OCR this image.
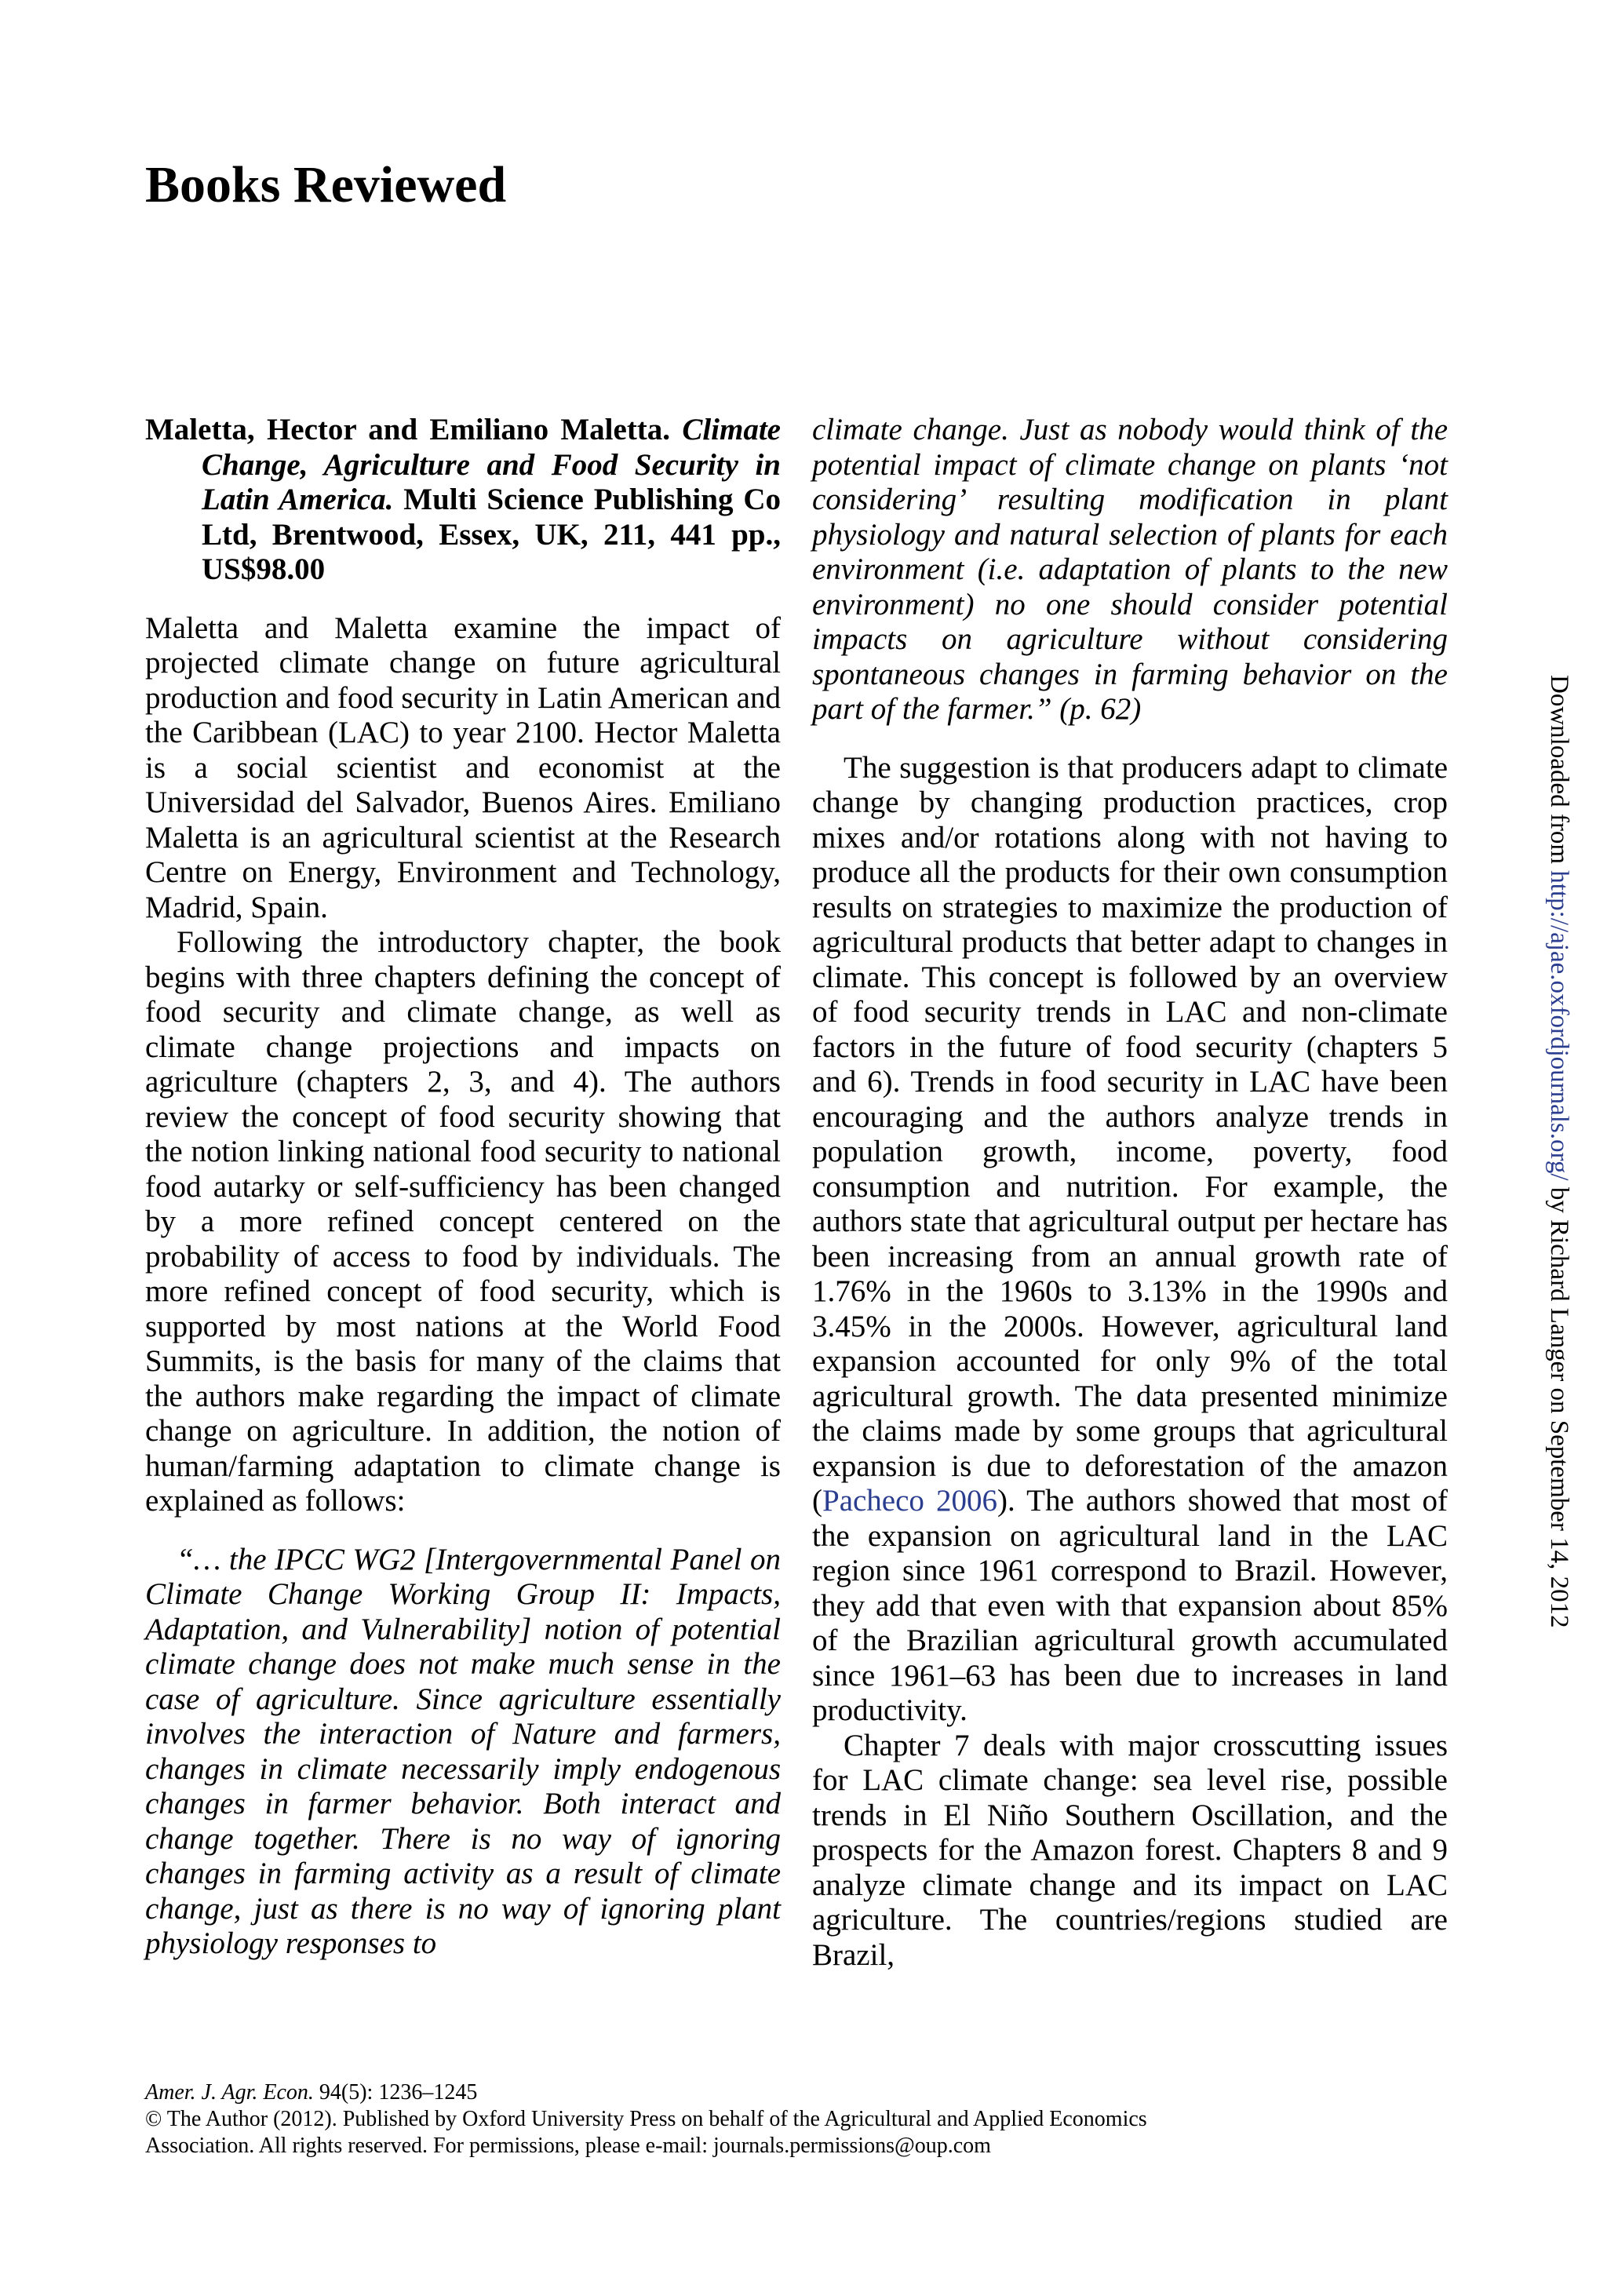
Books Reviewed

Maletta, Hector and Emiliano Maletta. Climate Change, Agriculture and Food Security in Latin America. Multi Science Publishing Co Ltd, Brentwood, Essex, UK, 211, 441 pp., US$98.00

Maletta and Maletta examine the impact of projected climate change on future agricultural production and food security in Latin American and the Caribbean (LAC) to year 2100. Hector Maletta is a social scientist and economist at the Universidad del Salvador, Buenos Aires. Emiliano Maletta is an agricultural scientist at the Research Centre on Energy, Environment and Technology, Madrid, Spain.

Following the introductory chapter, the book begins with three chapters defining the concept of food security and climate change, as well as climate change projections and impacts on agriculture (chapters 2, 3, and 4). The authors review the concept of food security showing that the notion linking national food security to national food autarky or self-sufficiency has been changed by a more refined concept centered on the probability of access to food by individuals. The more refined concept of food security, which is supported by most nations at the World Food Summits, is the basis for many of the claims that the authors make regarding the impact of climate change on agriculture. In addition, the notion of human/farming adaptation to climate change is explained as follows:

“… the IPCC WG2 [Intergovernmental Panel on Climate Change Working Group II: Impacts, Adaptation, and Vulnerability] notion of potential climate change does not make much sense in the case of agriculture. Since agriculture essentially involves the interaction of Nature and farmers, changes in climate necessarily imply endogenous changes in farmer behavior. Both interact and change together. There is no way of ignoring changes in farming activity as a result of climate change, just as there is no way of ignoring plant physiology responses to

climate change. Just as nobody would think of the potential impact of climate change on plants ‘not considering’ resulting modification in plant physiology and natural selection of plants for each environment (i.e. adaptation of plants to the new environment) no one should consider potential impacts on agriculture without considering spontaneous changes in farming behavior on the part of the farmer.” (p. 62)

The suggestion is that producers adapt to climate change by changing production practices, crop mixes and/or rotations along with not having to produce all the products for their own consumption results on strategies to maximize the production of agricultural products that better adapt to changes in climate. This concept is followed by an overview of food security trends in LAC and non-climate factors in the future of food security (chapters 5 and 6). Trends in food security in LAC have been encouraging and the authors analyze trends in population growth, income, poverty, food consumption and nutrition. For example, the authors state that agricultural output per hectare has been increasing from an annual growth rate of 1.76% in the 1960s to 3.13% in the 1990s and 3.45% in the 2000s. However, agricultural land expansion accounted for only 9% of the total agricultural growth. The data presented minimize the claims made by some groups that agricultural expansion is due to deforestation of the amazon (Pacheco 2006). The authors showed that most of the expansion on agricultural land in the LAC region since 1961 correspond to Brazil. However, they add that even with that expansion about 85% of the Brazilian agricultural growth accumulated since 1961–63 has been due to increases in land productivity.

Chapter 7 deals with major crosscutting issues for LAC climate change: sea level rise, possible trends in El Niño Southern Oscillation, and the prospects for the Amazon forest. Chapters 8 and 9 analyze climate change and its impact on LAC agriculture. The countries/regions studied are Brazil,

Downloaded from http://ajae.oxfordjournals.org/ by Richard Langer on September 14, 2012
Amer. J. Agr. Econ. 94(5): 1236–1245
© The Author (2012). Published by Oxford University Press on behalf of the Agricultural and Applied Economics
Association. All rights reserved. For permissions, please e-mail: journals.permissions@oup.com
